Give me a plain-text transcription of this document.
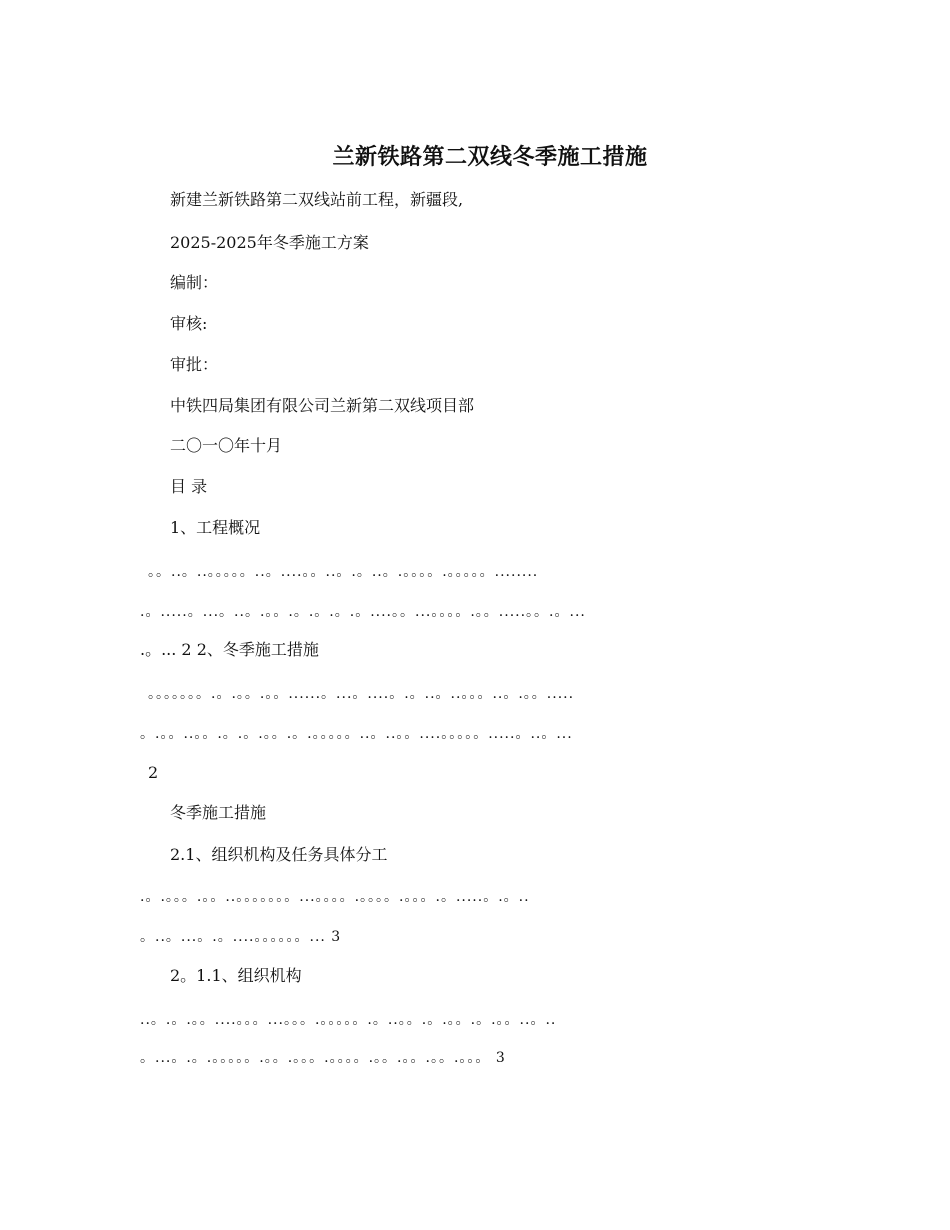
兰新铁路第二双线冬季施工措施
新建兰新铁路第二双线站前工程，新疆段,
2025-2025年冬季施工方案
编制：
审核:
审批：
中铁四局集团有限公司兰新第二双线项目部
二〇一〇年十月
目 录
1、工程概况
。。..。..。。。。。..。....。。..。.。..。.。。。。.。。。。。........
.。.....。...。..。.。。.。.。.。.。....。。...。。。。.。。.....。。.。...
.。... 2 2、冬季施工措施
。。。。。。。.。.。。.。。......。...。....。.。..。..。。。..。.。。.....
。.。。..。。.。.。.。。.。.。。。。。..。..。。....。。。。。.....。..。...
2
冬季施工措施
2.1、组织机构及任务具体分工
.。.。。。.。。..。。。。。。。...。。。。.。。。。.。。。.。.....。.。..
。..。...。.。....。。。。。。... 3
2。1.1、组织机构
..。.。.。。....。。。...。。。.。。。。。.。..。。.。.。。.。.。。..。..
。...。.。.。。。。。.。。.。。。.。。。。.。。.。。.。。.。。。 3
